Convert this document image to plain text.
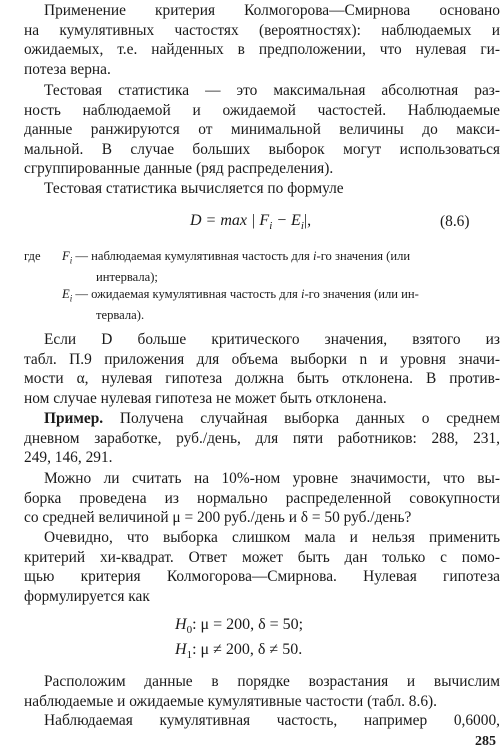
Применение критерия Колмогорова—Смирнова основано
на кумулятивных частостях (вероятностях): наблюдаемых и
ожидаемых, т.е. найденных в предположении, что нулевая ги-
потеза верна.
Тестовая статистика — это максимальная абсолютная раз-
ность наблюдаемой и ожидаемой частостей. Наблюдаемые
данные ранжируются от минимальной величины до макси-
мальной. В случае больших выборок могут использоваться
сгруппированные данные (ряд распределения).
Тестовая статистика вычисляется по формуле
D = max | $F_i - E_i|$,	(8.6)
где	$F_i$ — наблюдаемая кумулятивная частость для i-го значения (или
интервала);
$E_i$ — ожидаемая кумулятивная частость для i-го значения (или ин-
тервала).
Если D больше критического значения, взятого из
табл. П.9 приложения для объема выборки n и уровня значи-
мости α, нулевая гипотеза должна быть отклонена. В против-
ном случае нулевая гипотеза не может быть отклонена.
Пример. Получена случайная выборка данных о среднем
дневном заработке, руб./день, для пяти работников: 288, 231,
249, 146, 291.
Можно ли считать на 10%-ном уровне значимости, что вы-
борка проведена из нормально распределенной совокупности
со средней величиной μ = 200 руб./день и δ = 50 руб./день?
Очевидно, что выборка слишком мала и нельзя применить
критерий хи-квадрат. Ответ может быть дан только с помо-
щью критерия Колмогорова—Смирнова. Нулевая гипотеза
формулируется как
$H_0$: μ = 200, δ = 50;
$H_1$: μ ≠ 200, δ ≠ 50.
Расположим данные в порядке возрастания и вычислим
наблюдаемые и ожидаемые кумулятивные частости (табл. 8.6).
Наблюдаемая кумулятивная частость, например 0,6000,
285
